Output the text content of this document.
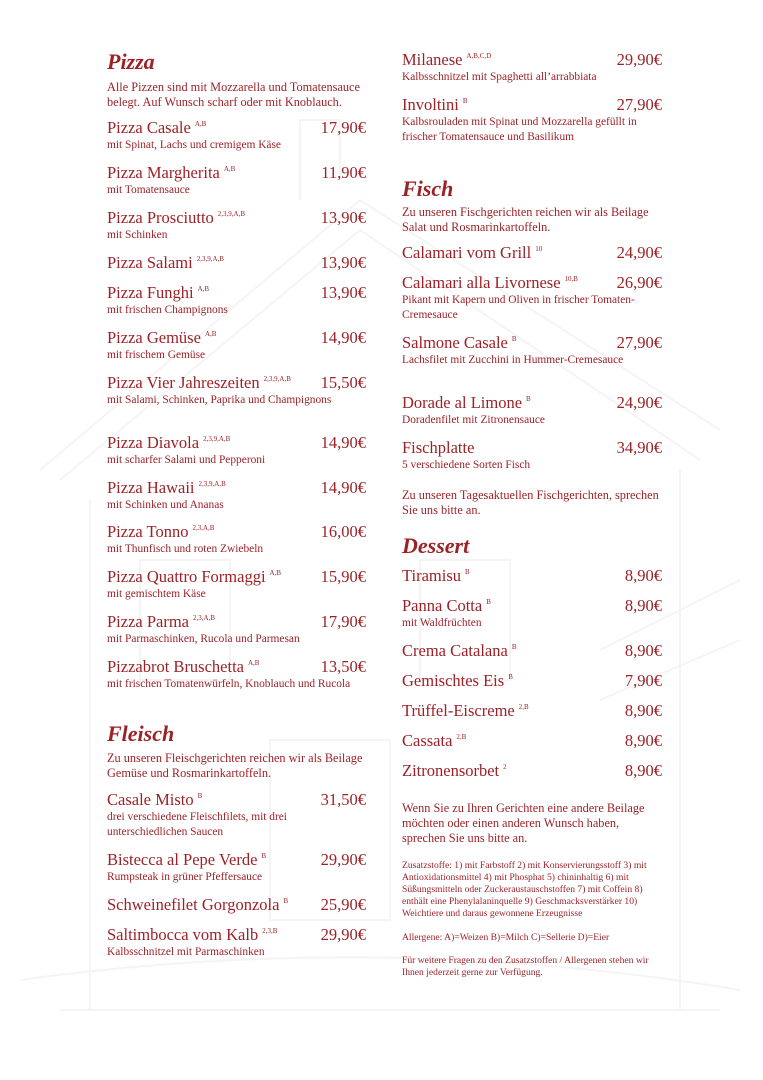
Pizza
Alle Pizzen sind mit Mozzarella und Tomatensauce belegt. Auf Wunsch scharf oder mit Knoblauch.
Pizza Casale $^{A,B}$	17,90€
mit Spinat, Lachs und cremigem Käse
Pizza Margherita $^{A,B}$	11,90€
mit Tomatensauce
Pizza Prosciutto $^{2,3,9,A,B}$	13,90€
mit Schinken
Pizza Salami $^{2,3,9,A,B}$	13,90€
Pizza Funghi $^{A,B}$	13,90€
mit frischen Champignons
Pizza Gemüse $^{A,B}$	14,90€
mit frischem Gemüse
Pizza Vier Jahreszeiten $^{2,3,9,A,B}$ 15,50€
mit Salami, Schinken, Paprika und Champignons
Pizza Diavola $^{2,3,9,A,B}$	14,90€
mit scharfer Salami und Pepperoni
Pizza Hawaii $^{2,3,9,A,B}$	14,90€
mit Schinken und Ananas
Pizza Tonno $^{2,3,A,B}$	16,00€
mit Thunfisch und roten Zwiebeln
Pizza Quattro Formaggi $^{A,B}$ 15,90€
mit gemischtem Käse
Pizza Parma $^{2,3,A,B}$	17,90€
mit Parmaschinken, Rucola und Parmesan
Pizzabrot Bruschetta $^{A,B}$	13,50€
mit frischen Tomatenwürfeln, Knoblauch und Rucola
Fleisch
Zu unseren Fleischgerichten reichen wir als Beilage Gemüse und Rosmarinkartoffeln.
Casale Misto $^B$	31,50€
drei verschiedene Fleischfilets, mit drei unterschiedlichen Saucen
Bistecca al Pepe Verde $^B$	29,90€
Rumpsteak in grüner Pfeffersauce
Schweinefilet Gorgonzola $^B$ 25,90€
Saltimbocca vom Kalb $^{2,3,B}$	29,90€
Kalbsschnitzel mit Parmaschinken
Milanese $^{A,B,C,D}$	29,90€
Kalbsschnitzel mit Spaghetti all’arrabbiata
Involtini $^B$	27,90€
Kalbsrouladen mit Spinat und Mozzarella gefüllt in frischer Tomatensauce und Basilikum
Fisch
Zu unseren Fischgerichten reichen wir als Beilage Salat und Rosmarinkartoffeln.
Calamari vom Grill $^{10}$	24,90€
Calamari alla Livornese $^{10,B}$ 26,90€
Pikant mit Kapern und Oliven in frischer Tomaten-Cremesauce
Salmone Casale $^B$	27,90€
Lachsfilet mit Zucchini in Hummer-Cremesauce
Dorade al Limone $^B$	24,90€
Doradenfilet mit Zitronensauce
Fischplatte	34,90€
5 verschiedene Sorten Fisch
Zu unseren Tagesaktuellen Fischgerichten, sprechen Sie uns bitte an.
Dessert
Tiramisu $^B$	8,90€
Panna Cotta $^B$	8,90€
mit Waldfrüchten
Crema Catalana $^B$	8,90€
Gemischtes Eis $^B$	7,90€
Trüffel-Eiscreme $^{2,B}$	8,90€
Cassata $^{2,B}$	8,90€
Zitronensorbet $^2$	8,90€
Wenn Sie zu Ihren Gerichten eine andere Beilage möchten oder einen anderen Wunsch haben, sprechen Sie uns bitte an.

Zusatzstoffe: 1) mit Farbstoff 2) mit Konservierungsstoff 3) mit Antioxidationsmittel 4) mit Phosphat 5) chininhaltig 6) mit Süßungsmitteln oder Zuckeraustauschstoffen 7) mit Coffein 8) enthält eine Phenylalaninquelle 9) Geschmacksverstärker 10) Weichtiere und daraus gewonnene Erzeugnisse

Allergene: A)=Weizen B)=Milch C)=Sellerie D)=Eier

Für weitere Fragen zu den Zusatzstoffen / Allergenen stehen wir Ihnen jederzeit gerne zur Verfügung.
